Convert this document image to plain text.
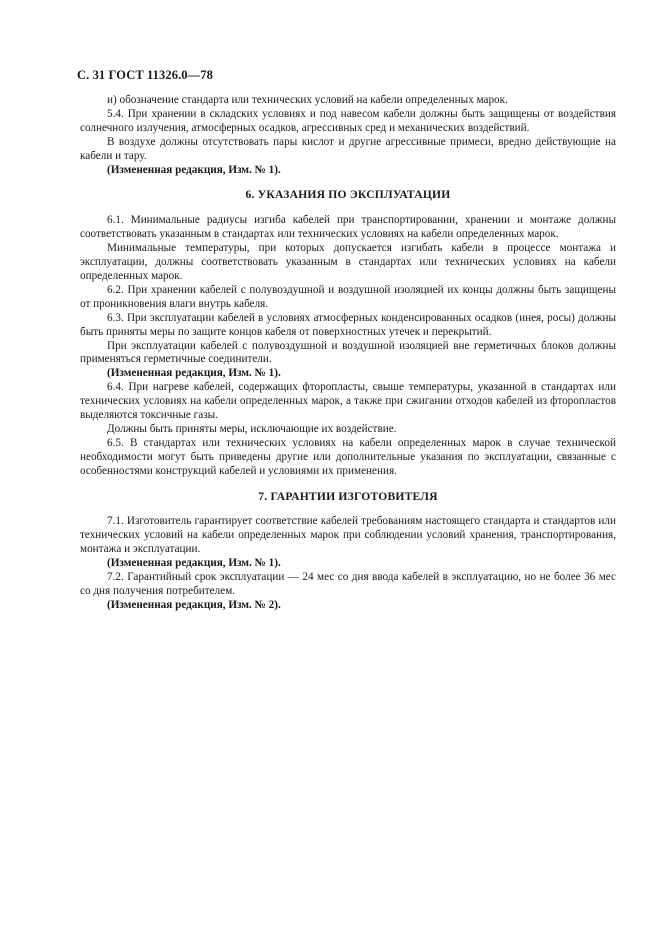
С. 31 ГОСТ 11326.0—78

и) обозначение стандарта или технических условий на кабели определенных марок.

5.4. При хранении в складских условиях и под навесом кабели должны быть защищены от воздействия солнечного излучения, атмосферных осадков, агрессивных сред и механических воздействий.

В воздухе должны отсутствовать пары кислот и другие агрессивные примеси, вредно действующие на кабели и тару.

(Измененная редакция, Изм. № 1).

6. УКАЗАНИЯ ПО ЭКСПЛУАТАЦИИ

6.1. Минимальные радиусы изгиба кабелей при транспортировании, хранении и монтаже должны соответствовать указанным в стандартах или технических условиях на кабели определенных марок.

Минимальные температуры, при которых допускается изгибать кабели в процессе монтажа и эксплуатации, должны соответствовать указанным в стандартах или технических условиях на кабели определенных марок.

6.2. При хранении кабелей с полувоздушной и воздушной изоляцией их концы должны быть защищены от проникновения влаги внутрь кабеля.

6.3. При эксплуатации кабелей в условиях атмосферных конденсированных осадков (инея, росы) должны быть приняты меры по защите концов кабеля от поверхностных утечек и перекрытий.

При эксплуатации кабелей с полувоздушной и воздушной изоляцией вне герметичных блоков должны применяться герметичные соединители.

(Измененная редакция, Изм. № 1).

6.4. При нагреве кабелей, содержащих фторопласты, свыше температуры, указанной в стандартах или технических условиях на кабели определенных марок, а также при сжигании отходов кабелей из фторопластов выделяются токсичные газы.

Должны быть приняты меры, исключающие их воздействие.

6.5. В стандартах или технических условиях на кабели определенных марок в случае технической необходимости могут быть приведены другие или дополнительные указания по эксплуатации, связанные с особенностями конструкций кабелей и условиями их применения.

7. ГАРАНТИИ ИЗГОТОВИТЕЛЯ

7.1. Изготовитель гарантирует соответствие кабелей требованиям настоящего стандарта и стандартов или технических условий на кабели определенных марок при соблюдении условий хранения, транспортирования, монтажа и эксплуатации.

(Измененная редакция, Изм. № 1).

7.2. Гарантийный срок эксплуатации — 24 мес со дня ввода кабелей в эксплуатацию, но не более 36 мес со дня получения потребителем.

(Измененная редакция, Изм. № 2).
